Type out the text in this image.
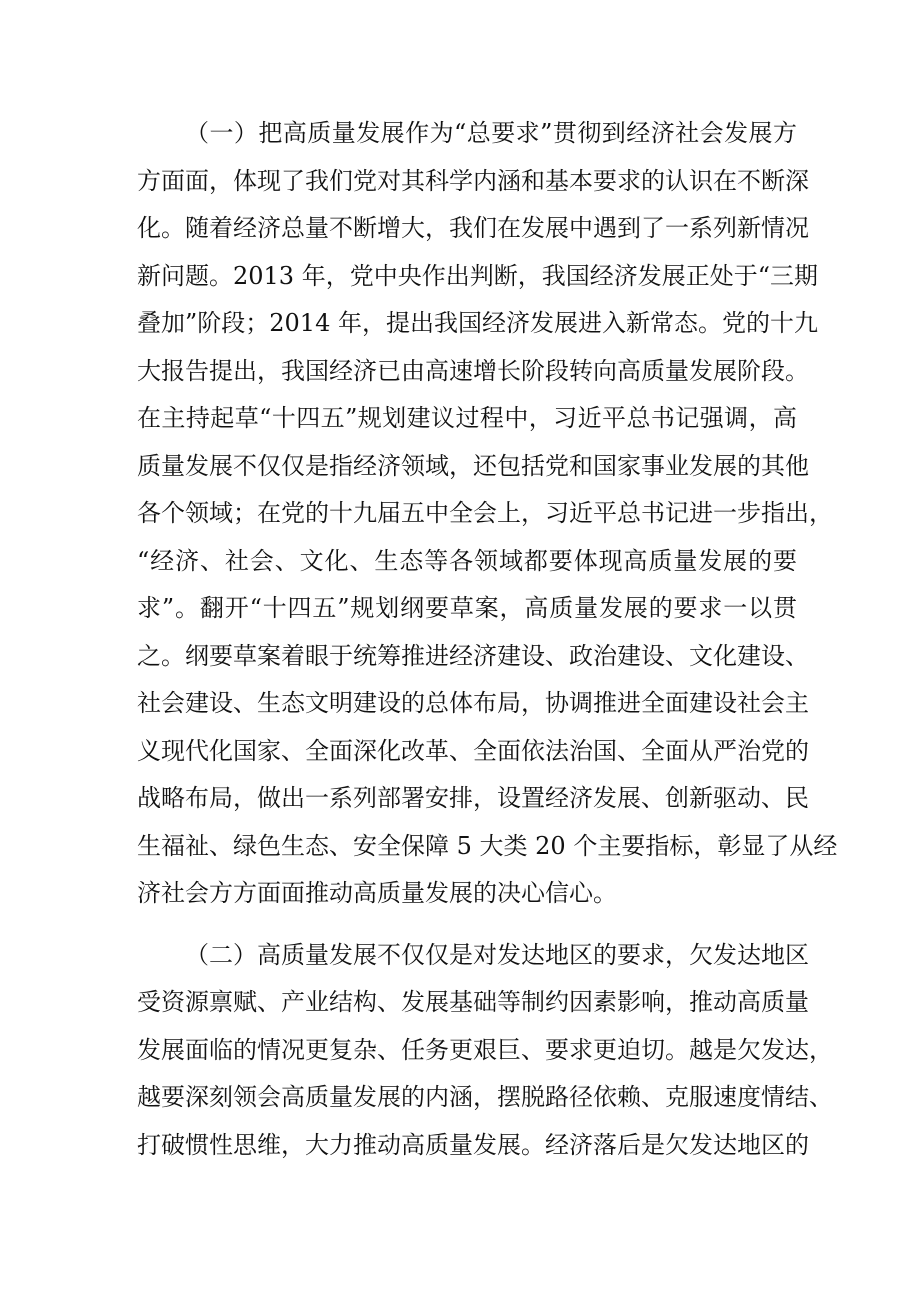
（一）把高质量发展作为“总要求”贯彻到经济社会发展方
方面面，体现了我们党对其科学内涵和基本要求的认识在不断深
化。随着经济总量不断增大，我们在发展中遇到了一系列新情况
新问题。2013 年，党中央作出判断，我国经济发展正处于“三期
叠加”阶段；2014 年，提出我国经济发展进入新常态。党的十九
大报告提出，我国经济已由高速增长阶段转向高质量发展阶段。
在主持起草“十四五”规划建议过程中，习近平总书记强调，高
质量发展不仅仅是指经济领域，还包括党和国家事业发展的其他
各个领域；在党的十九届五中全会上，习近平总书记进一步指出，
“经济、社会、文化、生态等各领域都要体现高质量发展的要
求”。翻开“十四五”规划纲要草案，高质量发展的要求一以贯
之。纲要草案着眼于统筹推进经济建设、政治建设、文化建设、
社会建设、生态文明建设的总体布局，协调推进全面建设社会主
义现代化国家、全面深化改革、全面依法治国、全面从严治党的
战略布局，做出一系列部署安排，设置经济发展、创新驱动、民
生福祉、绿色生态、安全保障 5 大类 20 个主要指标，彰显了从经
济社会方方面面推动高质量发展的决心信心。
（二）高质量发展不仅仅是对发达地区的要求，欠发达地区
受资源禀赋、产业结构、发展基础等制约因素影响，推动高质量
发展面临的情况更复杂、任务更艰巨、要求更迫切。越是欠发达，
越要深刻领会高质量发展的内涵，摆脱路径依赖、克服速度情结、
打破惯性思维，大力推动高质量发展。经济落后是欠发达地区的
